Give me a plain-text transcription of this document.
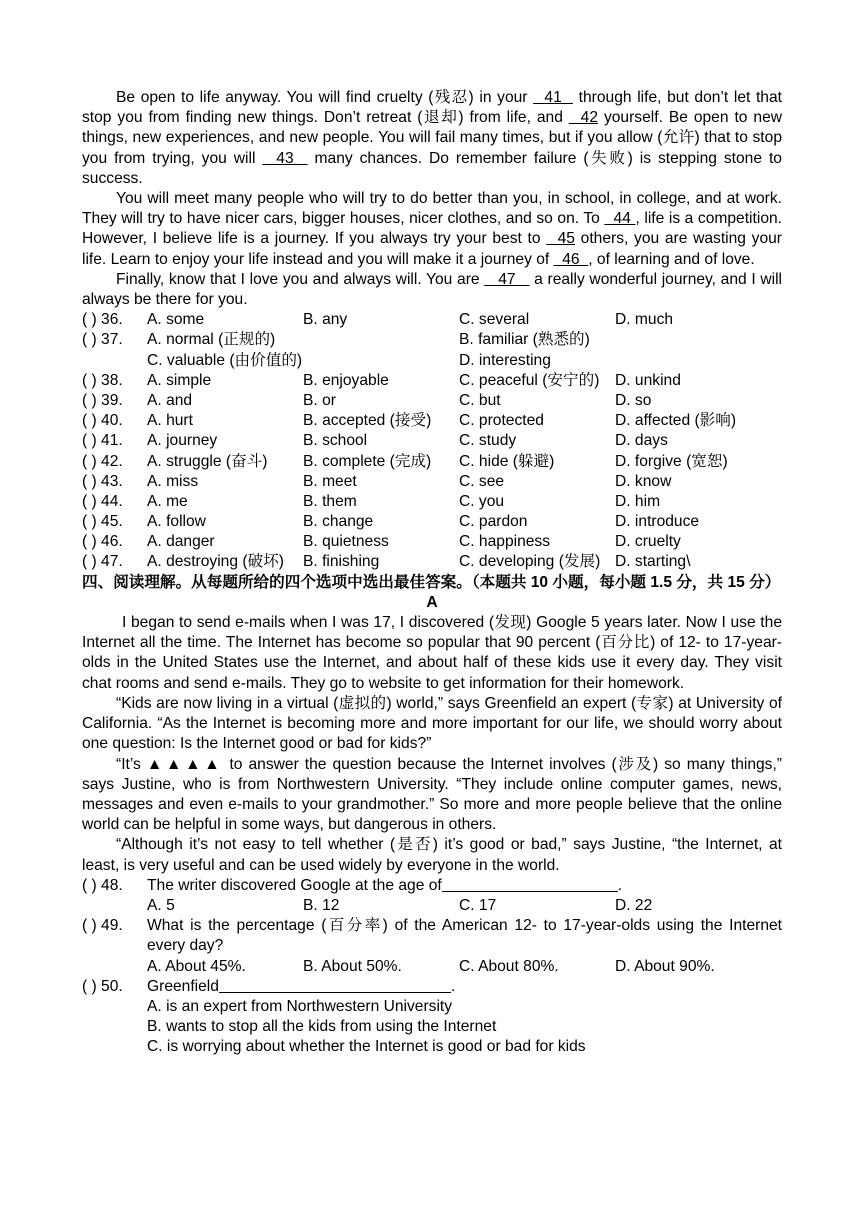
Be open to life anyway. You will find cruelty (残忍) in your   41   through life, but don’t let that stop you from finding new things. Don’t retreat (退却) from life, and   42 yourself. Be open to new things, new experiences, and new people. You will fail many times, but if you allow (允许) that to stop you from trying, you will   43   many chances. Do remember failure (失败) is stepping stone to success.

You will meet many people who will try to do better than you, in school, in college, and at work. They will try to have nicer cars, bigger houses, nicer clothes, and so on. To   44 , life is a competition. However, I believe life is a journey. If you always try your best to   45 others, you are wasting your life. Learn to enjoy your life instead and you will make it a journey of   46  , of learning and of love.

Finally, know that I love you and always will. You are    47    a really wonderful journey, and I will always be there for you.

( ) 36.	A. some	B. any	C. several	D. much
( ) 37.	A. normal (正规的)	B. familiar (熟悉的)
C. valuable (由价值的)	D. interesting
( ) 38.	A. simple	B. enjoyable	C. peaceful (安宁的)	D. unkind
( ) 39.	A. and	B. or	C. but	D. so
( ) 40.	A. hurt	B. accepted (接受)	C. protected	D. affected (影响)
( ) 41.	A. journey	B. school	C. study	D. days
( ) 42.	A. struggle (奋斗)	B. complete (完成)	C. hide (躲避)	D. forgive (宽恕)
( ) 43.	A. miss	B. meet	C. see	D. know
( ) 44.	A. me	B. them	C. you	D. him
( ) 45.	A. follow	B. change	C. pardon	D. introduce
( ) 46.	A. danger	B. quietness	C. happiness	D. cruelty
( ) 47.	A. destroying (破坏)	B. finishing	C. developing (发展) D. starting\

四、阅读理解。从每题所给的四个选项中选出最佳答案。（本题共 10 小题，每小题 1.5 分，共 15 分）

A

I began to send e-mails when I was 17, I discovered (发现) Google 5 years later. Now I use the Internet all the time. The Internet has become so popular that 90 percent (百分比) of 12- to 17-year-olds in the United States use the Internet, and about half of these kids use it every day. They visit chat rooms and send e-mails. They go to website to get information for their homework.

“Kids are now living in a virtual (虚拟的) world,” says Greenfield an expert (专家) at University of California. “As the Internet is becoming more and more important for our life, we should worry about one question: Is the Internet good or bad for kids?”

“It’s ▲▲▲▲ to answer the question because the Internet involves (涉及) so many things,” says Justine, who is from Northwestern University. “They include online computer games, news, messages and even e-mails to your grandmother.” So more and more people believe that the online world can be helpful in some ways, but dangerous in others.

“Although it’s not easy to tell whether (是否) it’s good or bad,” says Justine, “the Internet, at least, is very useful and can be used widely by everyone in the world.

( ) 48.	The writer discovered Google at the age of	.
A. 5	B. 12	C. 17	D. 22
( ) 49.	What is the percentage (百分率) of the American 12- to 17-year-olds using the Internet every day?
A. About 45%.	B. About 50%.	C. About 80%.	D. About 90%.
( ) 50.	Greenfield	.
A. is an expert from Northwestern University
B. wants to stop all the kids from using the Internet
C. is worrying about whether the Internet is good or bad for kids
